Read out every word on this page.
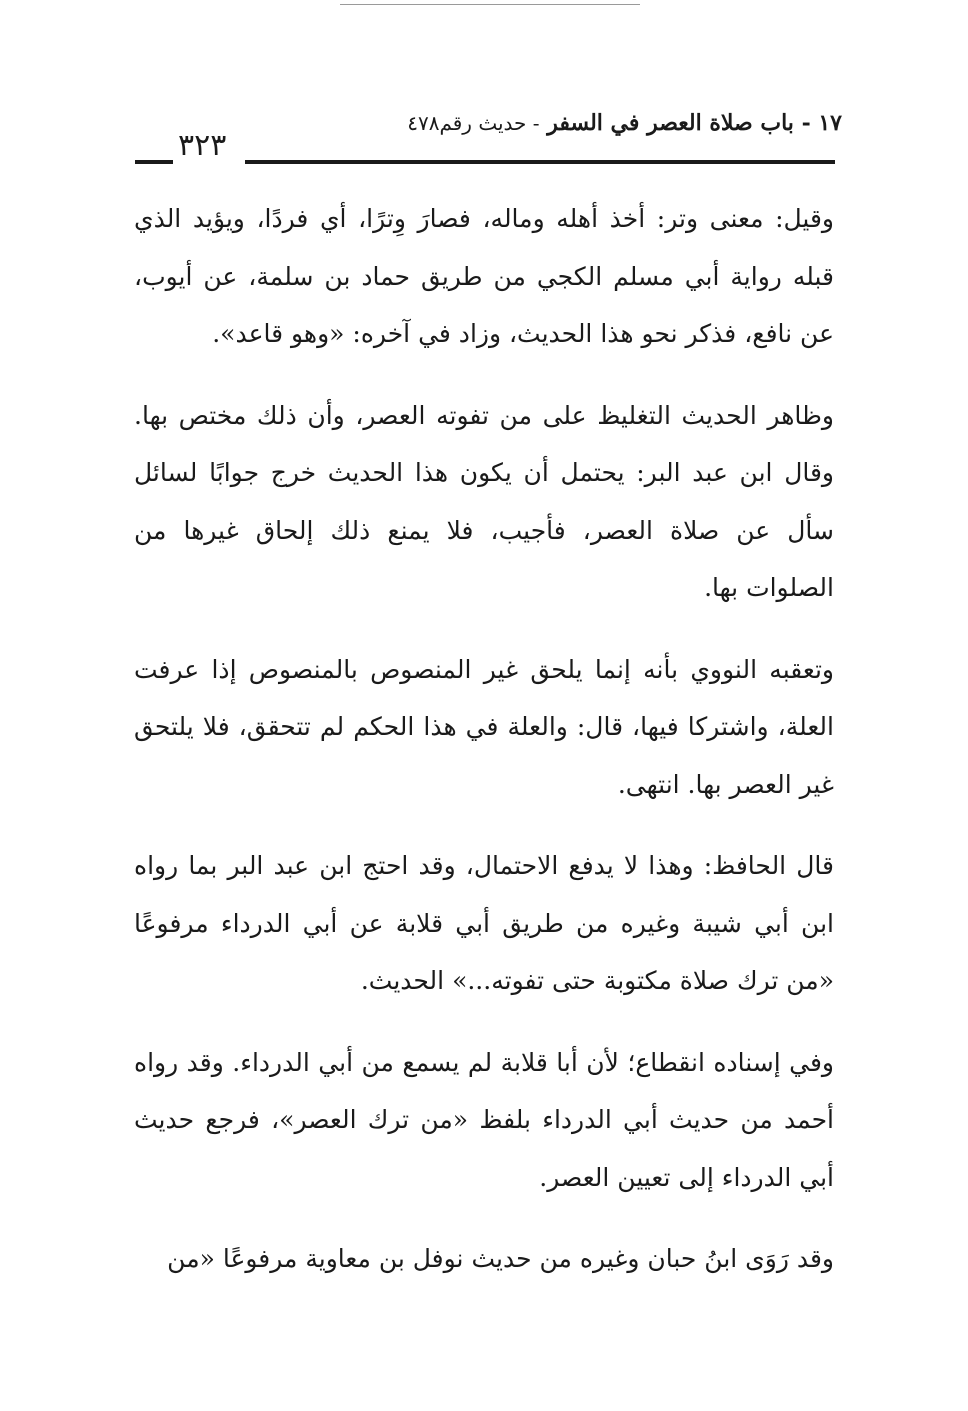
١٧ - باب صلاة العصر في السفر - حديث رقم٤٧٨
٣٢٣

وقيل: معنى وتر: أخذ أهله وماله، فصارَ وِترًا، أي فردًا، ويؤيد الذي قبله رواية أبي مسلم الكجي من طريق حماد بن سلمة، عن أيوب، عن نافع، فذكر نحو هذا الحديث، وزاد في آخره: «وهو قاعد».

وظاهر الحديث التغليظ على من تفوته العصر، وأن ذلك مختص بها. وقال ابن عبد البر: يحتمل أن يكون هذا الحديث خرج جوابًا لسائل سأل عن صلاة العصر، فأجيب، فلا يمنع ذلك إلحاق غيرها من الصلوات بها.

وتعقبه النووي بأنه إنما يلحق غير المنصوص بالمنصوص إذا عرفت العلة، واشتركا فيها، قال: والعلة في هذا الحكم لم تتحقق، فلا يلتحق غير العصر بها. انتهى.

قال الحافظ: وهذا لا يدفع الاحتمال، وقد احتج ابن عبد البر بما رواه ابن أبي شيبة وغيره من طريق أبي قلابة عن أبي الدرداء مرفوعًا «من ترك صلاة مكتوبة حتى تفوته...» الحديث.

وفي إسناده انقطاع؛ لأن أبا قلابة لم يسمع من أبي الدرداء. وقد رواه أحمد من حديث أبي الدرداء بلفظ «من ترك العصر»، فرجع حديث أبي الدرداء إلى تعيين العصر.

وقد رَوَى ابنُ حبان وغيره من حديث نوفل بن معاوية مرفوعًا «من
